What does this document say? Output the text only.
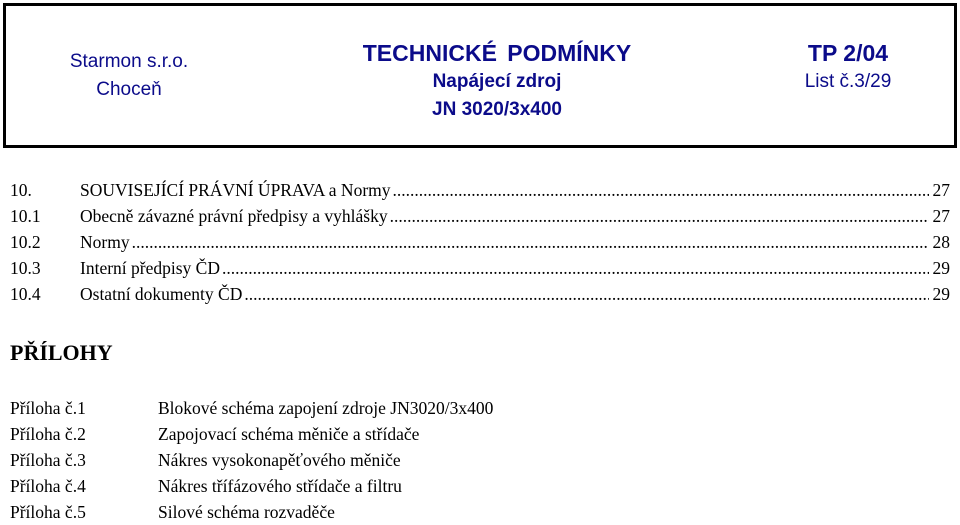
Starmon s.r.o.
Choceň
TECHNICKÉ PODMÍNKY
Napájecí zdroj
JN 3020/3x400
TP 2/04
List č.3/29
10.	SOUVISEJÍCÍ PRÁVNÍ ÚPRAVA a Normy .....	27
10.1	Obecně závazné právní předpisy a vyhlášky .....	27
10.2	Normy .....	28
10.3	Interní předpisy ČD .....	29
10.4	Ostatní dokumenty ČD .....	29
PŘÍLOHY
Příloha č.1	Blokové schéma zapojení zdroje JN3020/3x400
Příloha č.2	Zapojovací schéma měniče a střídače
Příloha č.3	Nákres vysokonapěťového měniče
Příloha č.4	Nákres třífázového střídače a filtru
Příloha č.5	Silové schéma rozvaděče
